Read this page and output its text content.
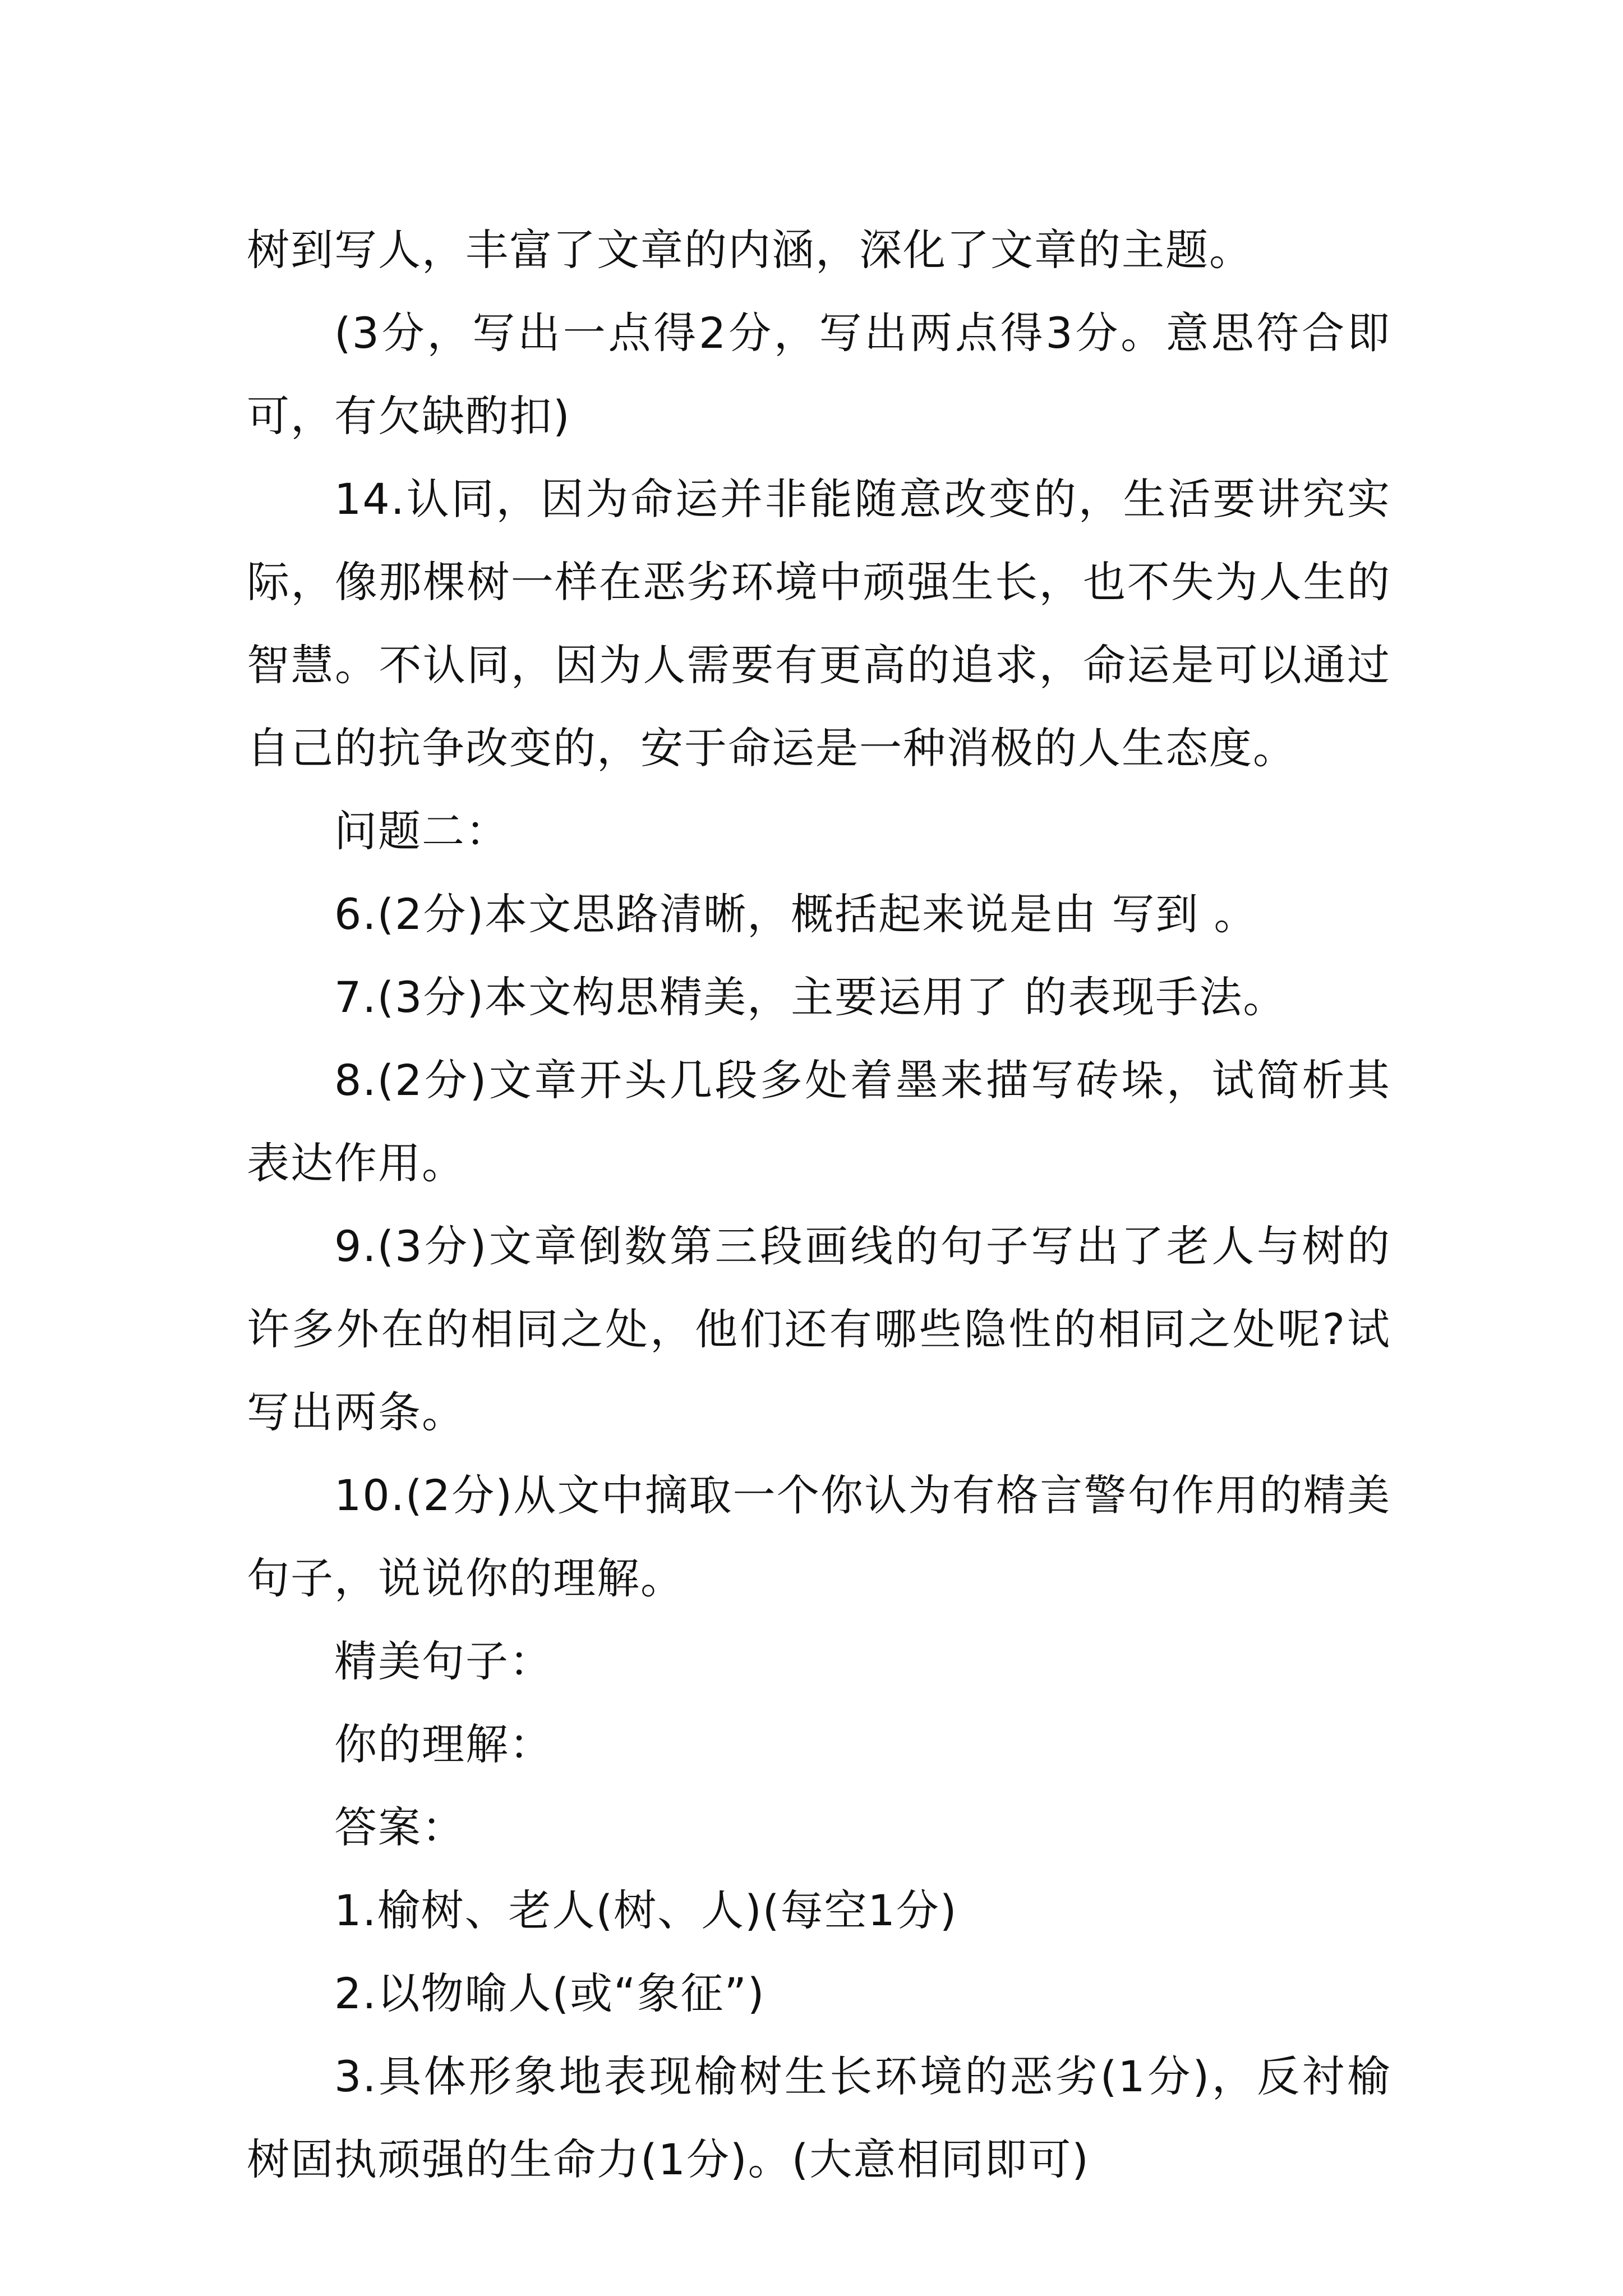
树到写人，丰富了文章的内涵，深化了文章的主题。

(3分，写出一点得2分，写出两点得3分。意思符合即可，有欠缺酌扣)

14.认同，因为命运并非能随意改变的，生活要讲究实际，像那棵树一样在恶劣环境中顽强生长，也不失为人生的智慧。不认同，因为人需要有更高的追求，命运是可以通过自己的抗争改变的，安于命运是一种消极的人生态度。

问题二：

6.(2分)本文思路清晰，概括起来说是由 写到 。

7.(3分)本文构思精美，主要运用了 的表现手法。

8.(2分)文章开头几段多处着墨来描写砖垛，试简析其表达作用。

9.(3分)文章倒数第三段画线的句子写出了老人与树的许多外在的相同之处，他们还有哪些隐性的相同之处呢?试写出两条。

10.(2分)从文中摘取一个你认为有格言警句作用的精美句子，说说你的理解。

精美句子：

你的理解：

答案：

1.榆树、老人(树、人)(每空1分)

2.以物喻人(或“象征”)

3.具体形象地表现榆树生长环境的恶劣(1分)，反衬榆树固执顽强的生命力(1分)。(大意相同即可)
